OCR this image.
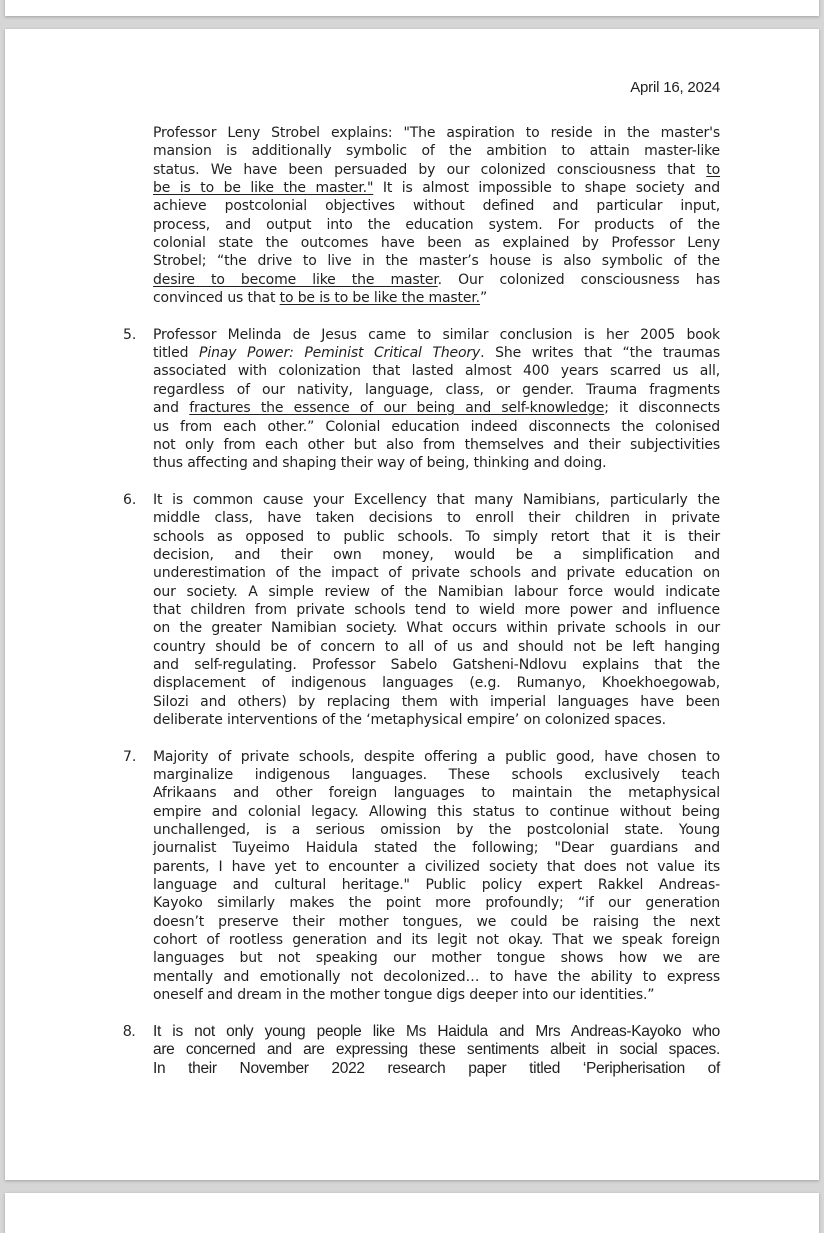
April 16, 2024
Professor Leny Strobel explains: "The aspiration to reside in the master's
mansion is additionally symbolic of the ambition to attain master-like
status. We have been persuaded by our colonized consciousness that to
be is to be like the master." It is almost impossible to shape society and
achieve postcolonial objectives without defined and particular input,
process, and output into the education system. For products of the
colonial state the outcomes have been as explained by Professor Leny
Strobel; “the drive to live in the master’s house is also symbolic of the
desire to become like the master. Our colonized consciousness has
convinced us that to be is to be like the master.”
5.	Professor Melinda de Jesus came to similar conclusion is her 2005 book
titled Pinay Power: Peminist Critical Theory. She writes that “the traumas
associated with colonization that lasted almost 400 years scarred us all,
regardless of our nativity, language, class, or gender. Trauma fragments
and fractures the essence of our being and self-knowledge; it disconnects
us from each other.” Colonial education indeed disconnects the colonised
not only from each other but also from themselves and their subjectivities
thus affecting and shaping their way of being, thinking and doing.
6.	It is common cause your Excellency that many Namibians, particularly the
middle class, have taken decisions to enroll their children in private
schools as opposed to public schools. To simply retort that it is their
decision, and their own money, would be a simplification and
underestimation of the impact of private schools and private education on
our society. A simple review of the Namibian labour force would indicate
that children from private schools tend to wield more power and influence
on the greater Namibian society. What occurs within private schools in our
country should be of concern to all of us and should not be left hanging
and self-regulating. Professor Sabelo Gatsheni-Ndlovu explains that the
displacement of indigenous languages (e.g. Rumanyo, Khoekhoegowab,
Silozi and others) by replacing them with imperial languages have been
deliberate interventions of the ‘metaphysical empire’ on colonized spaces.
7.	Majority of private schools, despite offering a public good, have chosen to
marginalize indigenous languages. These schools exclusively teach
Afrikaans and other foreign languages to maintain the metaphysical
empire and colonial legacy. Allowing this status to continue without being
unchallenged, is a serious omission by the postcolonial state. Young
journalist Tuyeimo Haidula stated the following; "Dear guardians and
parents, I have yet to encounter a civilized society that does not value its
language and cultural heritage." Public policy expert Rakkel Andreas-
Kayoko similarly makes the point more profoundly; “if our generation
doesn’t preserve their mother tongues, we could be raising the next
cohort of rootless generation and its legit not okay. That we speak foreign
languages but not speaking our mother tongue shows how we are
mentally and emotionally not decolonized… to have the ability to express
oneself and dream in the mother tongue digs deeper into our identities.”
8.	It is not only young people like Ms Haidula and Mrs Andreas-Kayoko who
are concerned and are expressing these sentiments albeit in social spaces.
In their November 2022 research paper titled ‘Peripherisation of
